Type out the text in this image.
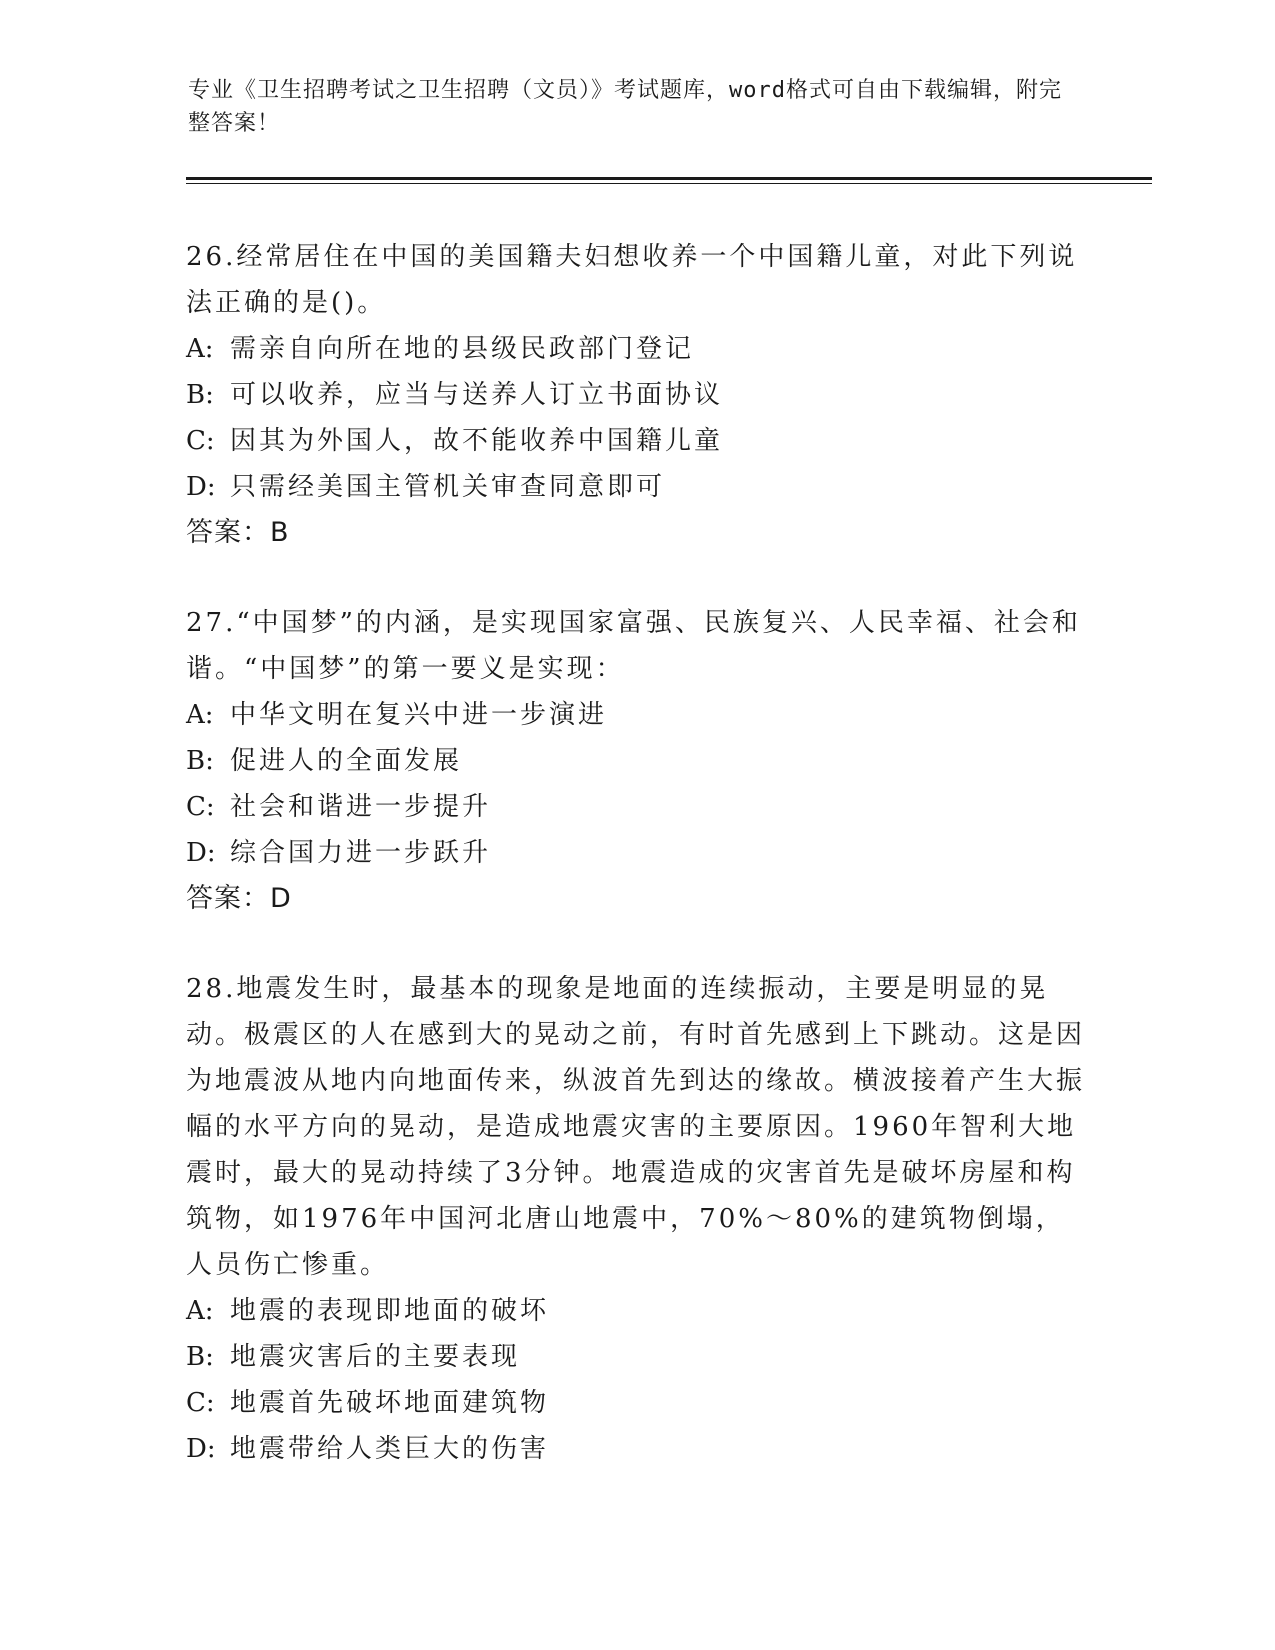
专业《卫生招聘考试之卫生招聘（文员）》考试题库，word格式可自由下载编辑，附完整答案！

26.经常居住在中国的美国籍夫妇想收养一个中国籍儿童，对此下列说法正确的是()。

A: 需亲自向所在地的县级民政部门登记

B: 可以收养，应当与送养人订立书面协议

C: 因其为外国人，故不能收养中国籍儿童

D: 只需经美国主管机关审查同意即可

答案：B

27.“中国梦”的内涵，是实现国家富强、民族复兴、人民幸福、社会和谐。“中国梦”的第一要义是实现：

A: 中华文明在复兴中进一步演进

B: 促进人的全面发展

C: 社会和谐进一步提升

D: 综合国力进一步跃升

答案：D

28.地震发生时，最基本的现象是地面的连续振动，主要是明显的晃动。极震区的人在感到大的晃动之前，有时首先感到上下跳动。这是因为地震波从地内向地面传来，纵波首先到达的缘故。横波接着产生大振幅的水平方向的晃动，是造成地震灾害的主要原因。1960年智利大地震时，最大的晃动持续了3分钟。地震造成的灾害首先是破坏房屋和构筑物，如1976年中国河北唐山地震中，70%～80%的建筑物倒塌，人员伤亡惨重。

A: 地震的表现即地面的破坏

B: 地震灾害后的主要表现

C: 地震首先破坏地面建筑物

D: 地震带给人类巨大的伤害
